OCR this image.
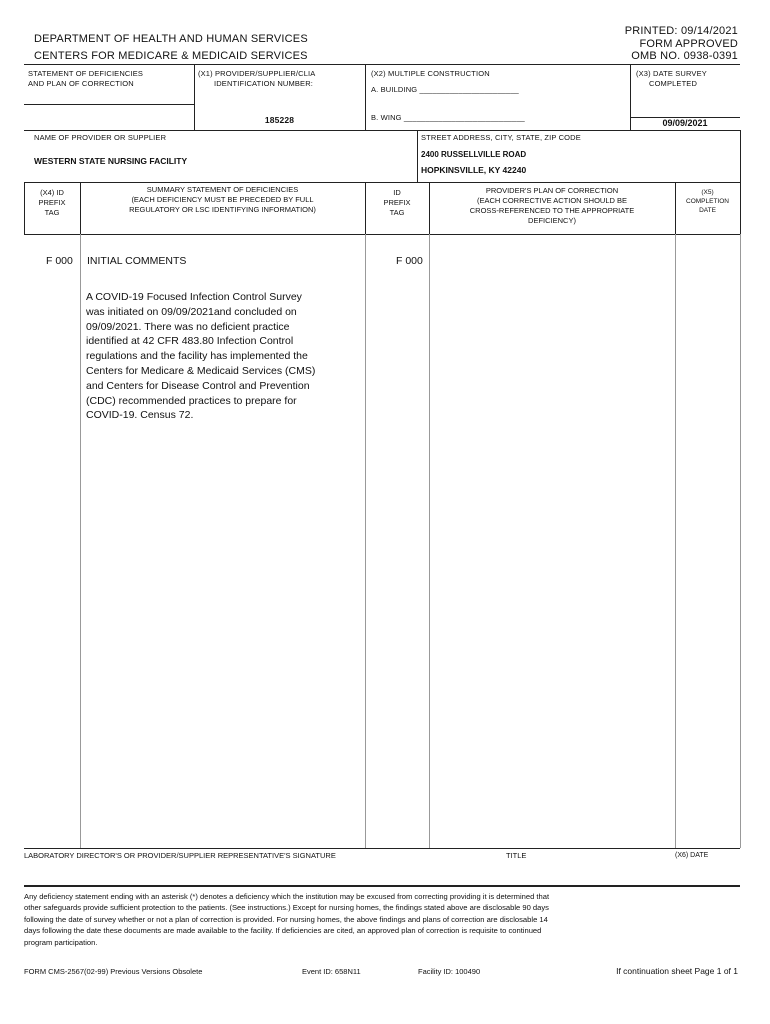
DEPARTMENT OF HEALTH AND HUMAN SERVICES
CENTERS FOR MEDICARE & MEDICAID SERVICES
PRINTED: 09/14/2021
FORM APPROVED
OMB NO. 0938-0391
STATEMENT OF DEFICIENCIES
AND PLAN OF CORRECTION
(X1) PROVIDER/SUPPLIER/CLIA
IDENTIFICATION NUMBER:
185228
(X2) MULTIPLE CONSTRUCTION
A. BUILDING _______________________
B. WING ____________________________
(X3) DATE SURVEY
COMPLETED
09/09/2021
NAME OF PROVIDER OR SUPPLIER
WESTERN STATE NURSING FACILITY
STREET ADDRESS, CITY, STATE, ZIP CODE
2400 RUSSELLVILLE ROAD
HOPKINSVILLE, KY 42240
(X4) ID
PREFIX
TAG
SUMMARY STATEMENT OF DEFICIENCIES
(EACH DEFICIENCY MUST BE PRECEDED BY FULL
REGULATORY OR LSC IDENTIFYING INFORMATION)
ID
PREFIX
TAG
PROVIDER'S PLAN OF CORRECTION
(EACH CORRECTIVE ACTION SHOULD BE
CROSS-REFERENCED TO THE APPROPRIATE
DEFICIENCY)
(X5)
COMPLETION
DATE
F 000 INITIAL COMMENTS	F 000
A COVID-19 Focused Infection Control Survey
was initiated on 09/09/2021and concluded on
09/09/2021. There was no deficient practice
identified at 42 CFR 483.80 Infection Control
regulations and the facility has implemented the
Centers for Medicare & Medicaid Services (CMS)
and Centers for Disease Control and Prevention
(CDC) recommended practices to prepare for
COVID-19. Census 72.
LABORATORY DIRECTOR'S OR PROVIDER/SUPPLIER REPRESENTATIVE'S SIGNATURE	TITLE	(X6) DATE
Any deficiency statement ending with an asterisk (*) denotes a deficiency which the institution may be excused from correcting providing it is determined that
other safeguards provide sufficient protection to the patients. (See instructions.) Except for nursing homes, the findings stated above are disclosable 90 days
following the date of survey whether or not a plan of correction is provided. For nursing homes, the above findings and plans of correction are disclosable 14
days following the date these documents are made available to the facility. If deficiencies are cited, an approved plan of correction is requisite to continued
program participation.
FORM CMS-2567(02-99) Previous Versions Obsolete	Event ID: 658N11	Facility ID: 100490	If continuation sheet Page 1 of 1
